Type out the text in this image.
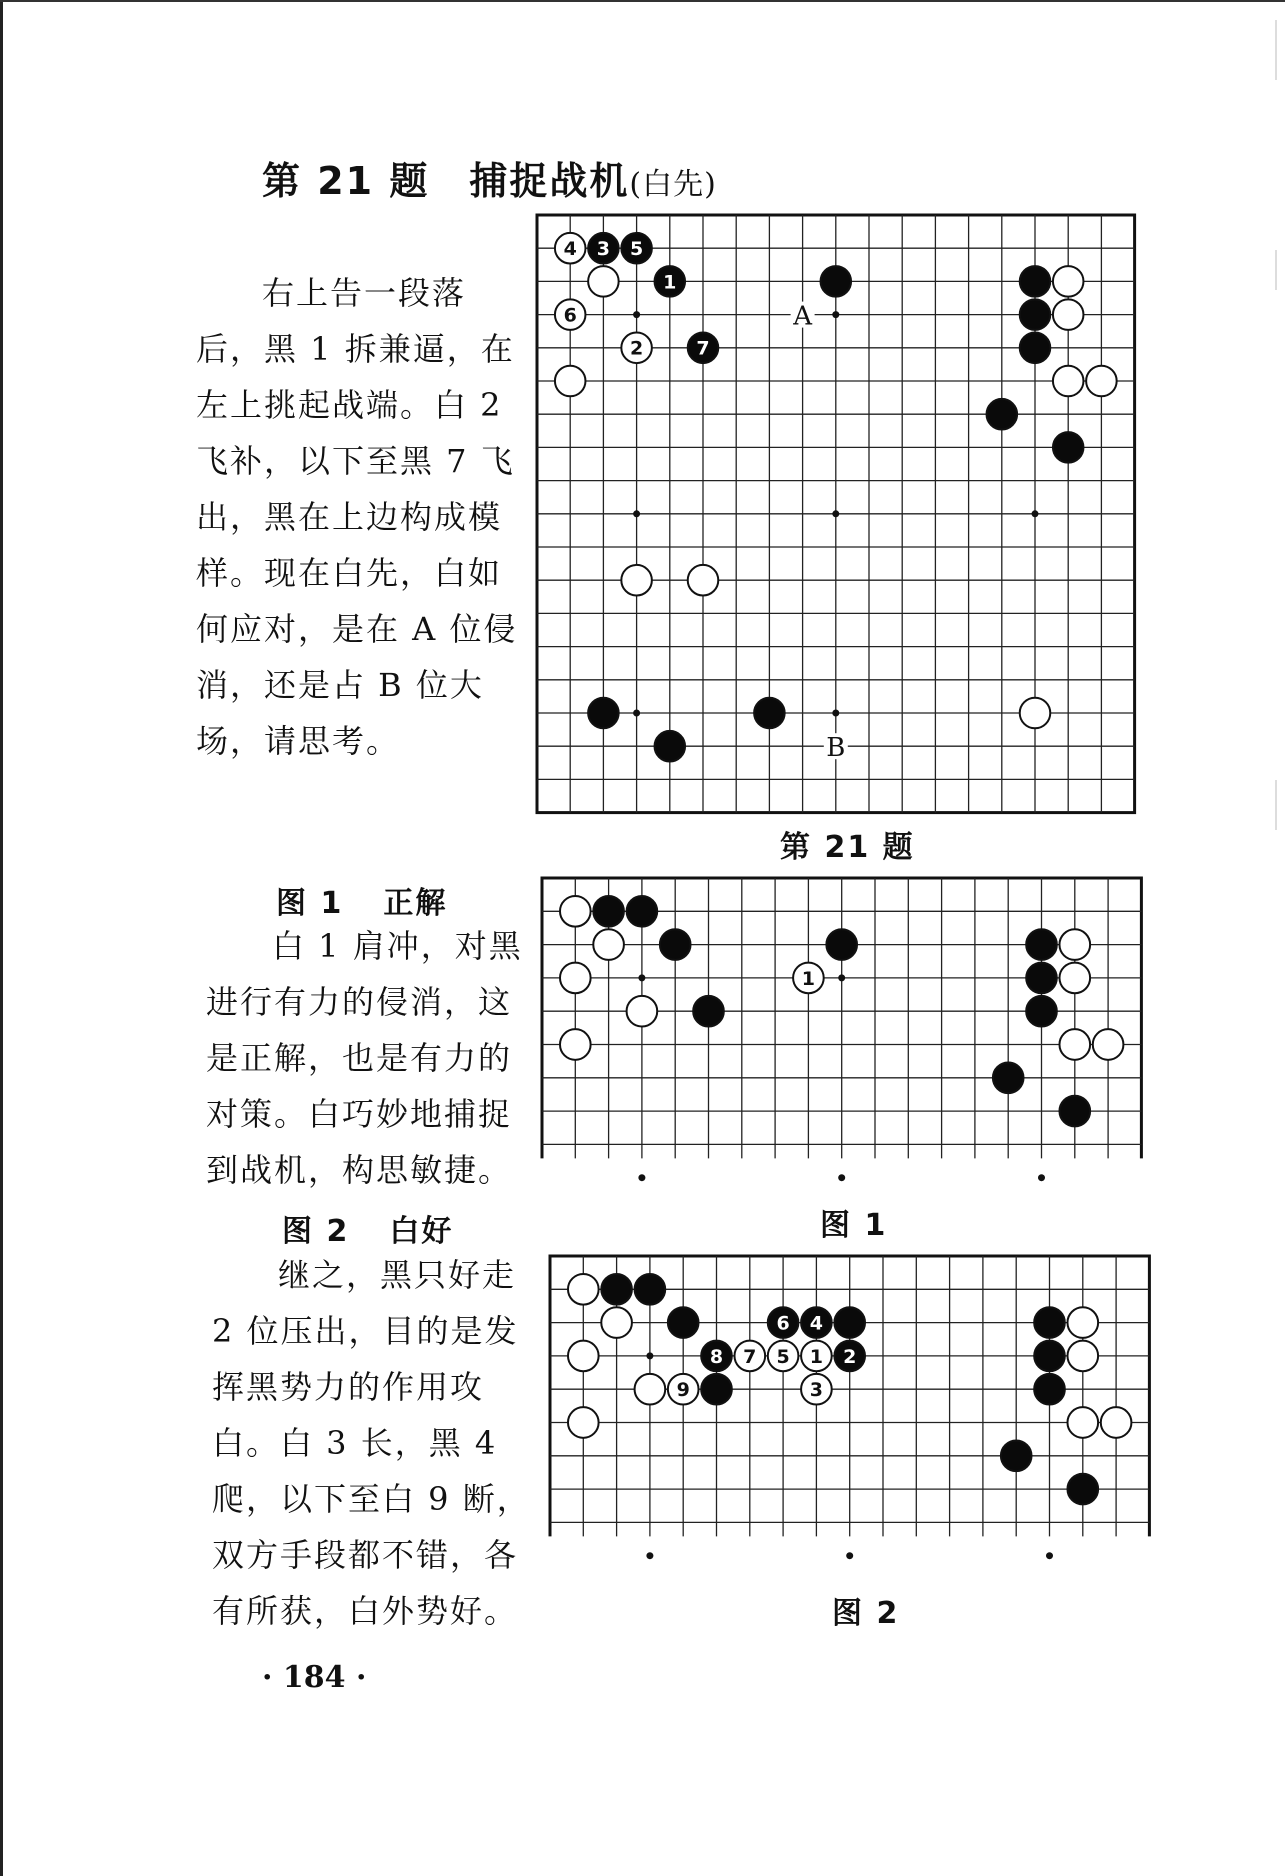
第 21 题 捕捉战机(白先)
右上告一段落后，黑 1 拆兼逼，在左上挑起战端。白 2 飞补，以下至黑 7 飞出，黑在上边构成模样。现在白先，白如何应对，是在 A 位侵消，还是占 B 位大场，请思考。
A
B
4 3 5
1
6
2	7
第 21 题
图 1 正解
白 1 肩冲，对黑进行有力的侵消，这是正解，也是有力的对策。白巧妙地捕捉到战机，构思敏捷。
1
图 1
图 2 白好
继之，黑只好走 2 位压出，目的是发挥黑势力的作用攻白。白 3 长，黑 4 爬，以下至白 9 断，双方手段都不错，各有所获，白外势好。
6 4
8 7 5 1 2
9	3
图 2
· 184 ·
